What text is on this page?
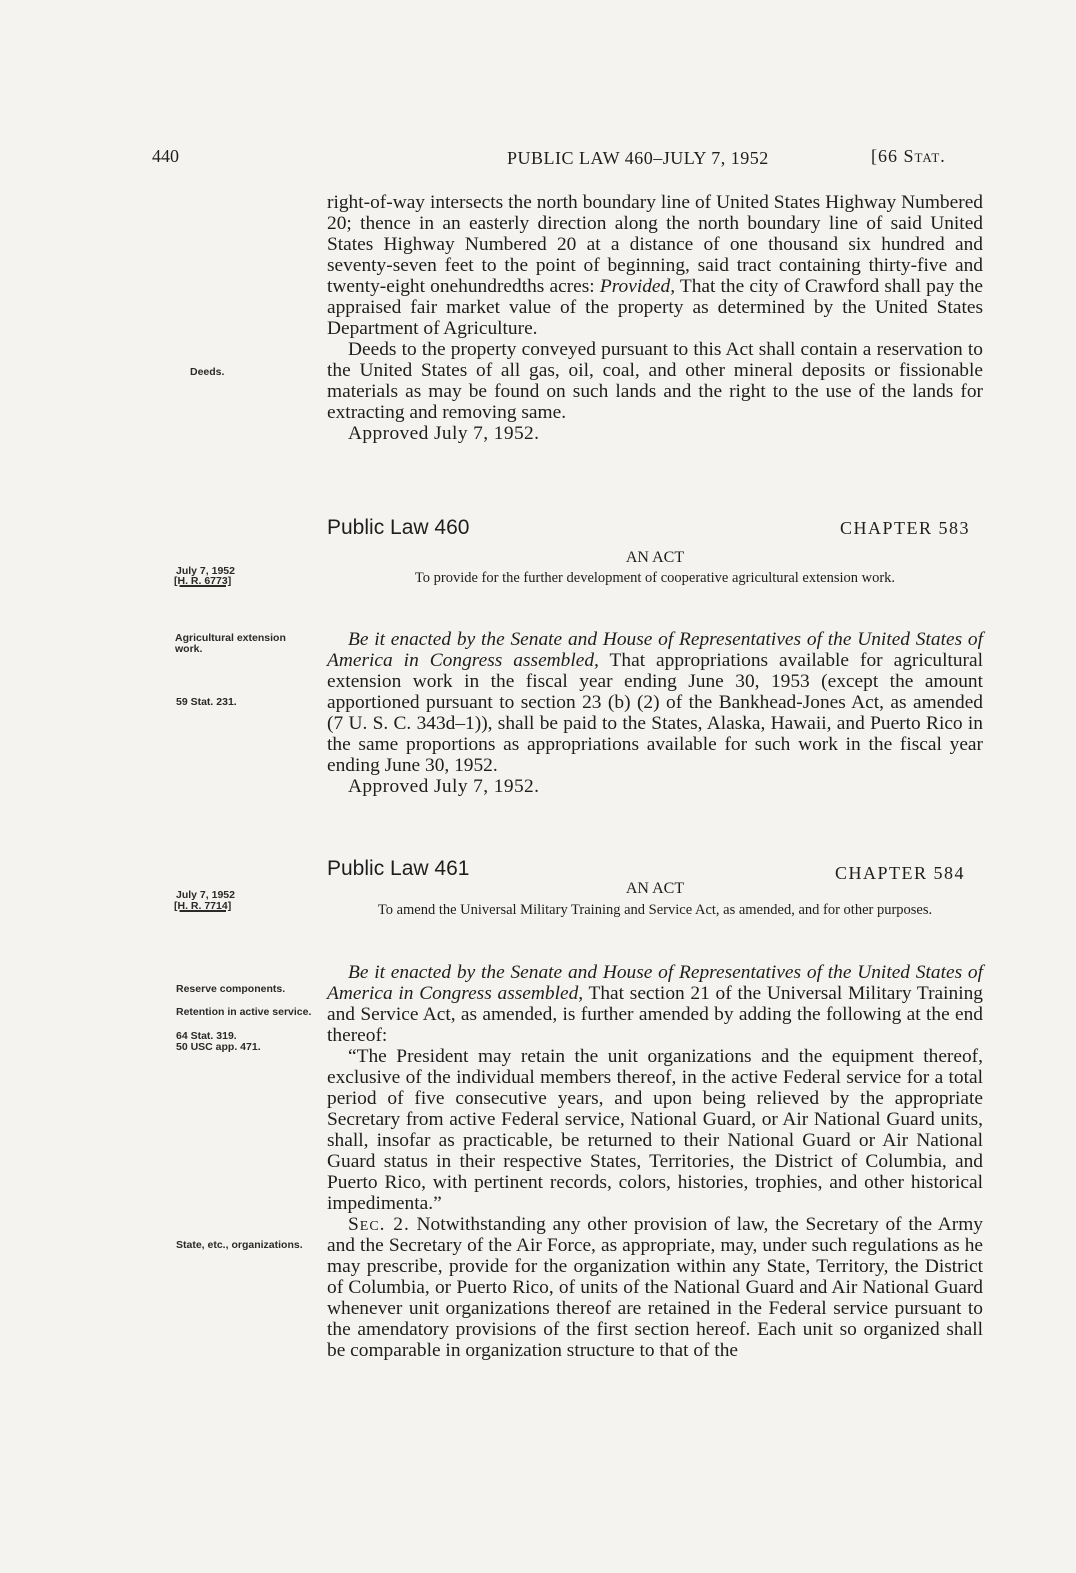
440	PUBLIC LAW 460–JULY 7, 1952	[66 Stat.

right-of-way intersects the north boundary line of United States Highway Numbered 20; thence in an easterly direction along the north boundary line of said United States Highway Numbered 20 at a distance of one thousand six hundred and seventy-seven feet to the point of beginning, said tract containing thirty-five and twenty-eight onehundredths acres: Provided, That the city of Crawford shall pay the appraised fair market value of the property as determined by the United States Department of Agriculture.

Deeds to the property conveyed pursuant to this Act shall contain a reservation to the United States of all gas, oil, coal, and other mineral deposits or fissionable materials as may be found on such lands and the right to the use of the lands for extracting and removing same.

Approved July 7, 1952.

Deeds.
Public Law 460	CHAPTER 583
AN ACT
To provide for the further development of cooperative agricultural extension work.
July 7, 1952
[H. R. 6773]

Be it enacted by the Senate and House of Representatives of the United States of America in Congress assembled, That appropriations available for agricultural extension work in the fiscal year ending June 30, 1953 (except the amount apportioned pursuant to section 23 (b) (2) of the Bankhead-Jones Act, as amended (7 U. S. C. 343d–1)), shall be paid to the States, Alaska, Hawaii, and Puerto Rico in the same proportions as appropriations available for such work in the fiscal year ending June 30, 1952.

Approved July 7, 1952.

Agricultural extension work.
59 Stat. 231.
Public Law 461	CHAPTER 584
AN ACT
To amend the Universal Military Training and Service Act, as amended, and for other purposes.
July 7, 1952
[H. R. 7714]

Be it enacted by the Senate and House of Representatives of the United States of America in Congress assembled, That section 21 of the Universal Military Training and Service Act, as amended, is further amended by adding the following at the end thereof:

“The President may retain the unit organizations and the equipment thereof, exclusive of the individual members thereof, in the active Federal service for a total period of five consecutive years, and upon being relieved by the appropriate Secretary from active Federal service, National Guard, or Air National Guard units, shall, insofar as practicable, be returned to their National Guard or Air National Guard status in their respective States, Territories, the District of Columbia, and Puerto Rico, with pertinent records, colors, histories, trophies, and other historical impedimenta.”

Sec. 2. Notwithstanding any other provision of law, the Secretary of the Army and the Secretary of the Air Force, as appropriate, may, under such regulations as he may prescribe, provide for the organization within any State, Territory, the District of Columbia, or Puerto Rico, of units of the National Guard and Air National Guard whenever unit organizations thereof are retained in the Federal service pursuant to the amendatory provisions of the first section hereof. Each unit so organized shall be comparable in organization structure to that of the

Reserve components.
Retention in active service.
64 Stat. 319.
50 USC app. 471.
State, etc., organizations.
